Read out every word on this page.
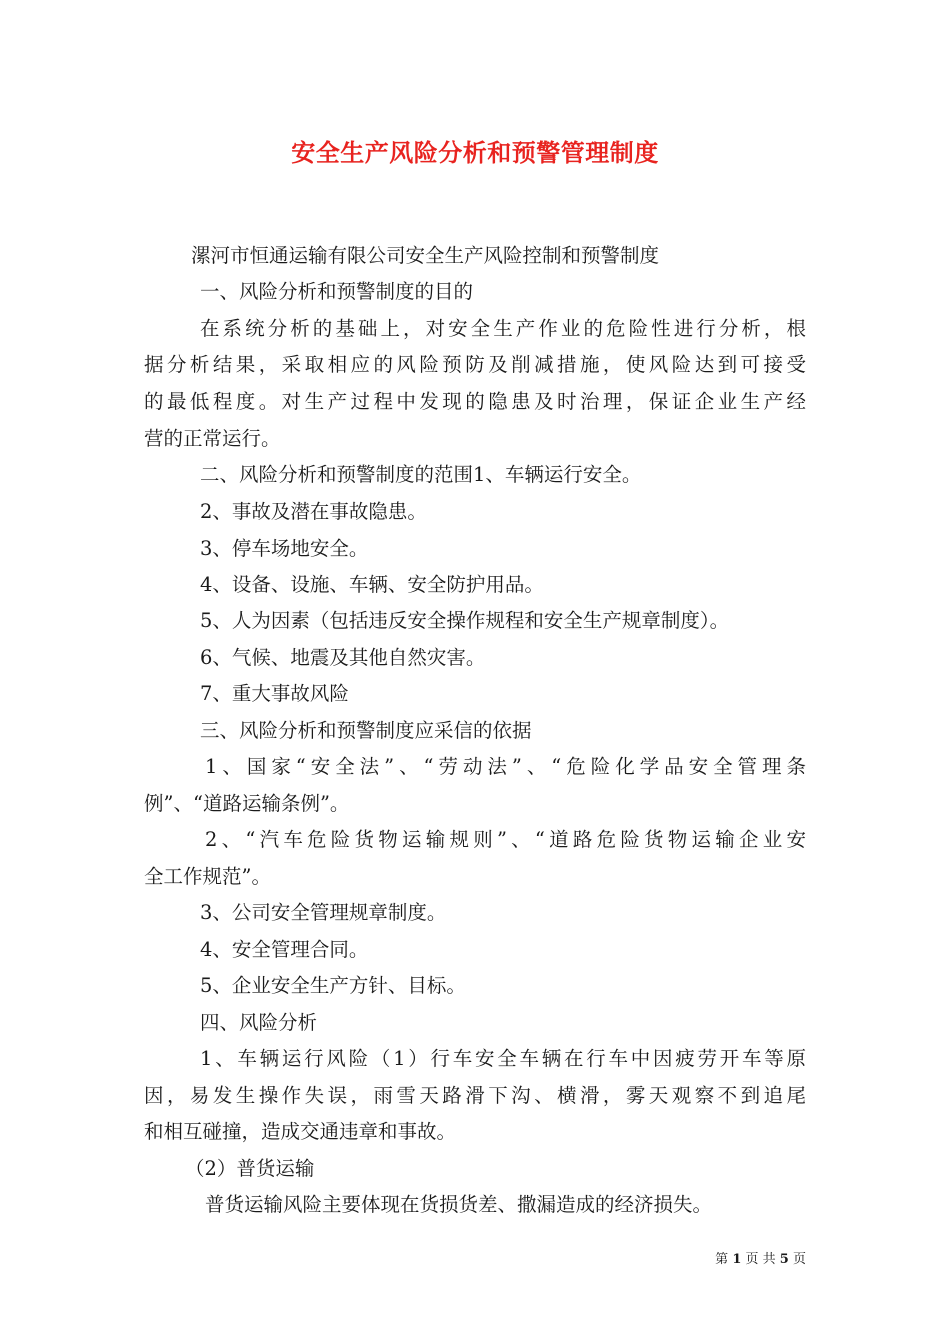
安全生产风险分析和预警管理制度

漯河市恒通运输有限公司安全生产风险控制和预警制度

一、风险分析和预警制度的目的

在系统分析的基础上，对安全生产作业的危险性进行分析，根

据分析结果，采取相应的风险预防及削减措施，使风险达到可接受

的最低程度。对生产过程中发现的隐患及时治理，保证企业生产经

营的正常运行。

二、风险分析和预警制度的范围1、车辆运行安全。

2、事故及潜在事故隐患。

3、停车场地安全。

4、设备、设施、车辆、安全防护用品。

5、人为因素（包括违反安全操作规程和安全生产规章制度）。

6、气候、地震及其他自然灾害。

7、重大事故风险

三、风险分析和预警制度应采信的依据

1、国家“安全法”、“劳动法”、“危险化学品安全管理条

例”、“道路运输条例”。

2、“汽车危险货物运输规则”、“道路危险货物运输企业安

全工作规范”。

3、公司安全管理规章制度。

4、安全管理合同。

5、企业安全生产方针、目标。

四、风险分析

1、车辆运行风险（1）行车安全车辆在行车中因疲劳开车等原

因，易发生操作失误，雨雪天路滑下沟、横滑，雾天观察不到追尾

和相互碰撞，造成交通违章和事故。

（2）普货运输

普货运输风险主要体现在货损货差、撒漏造成的经济损失。

第 1 页 共 5 页
